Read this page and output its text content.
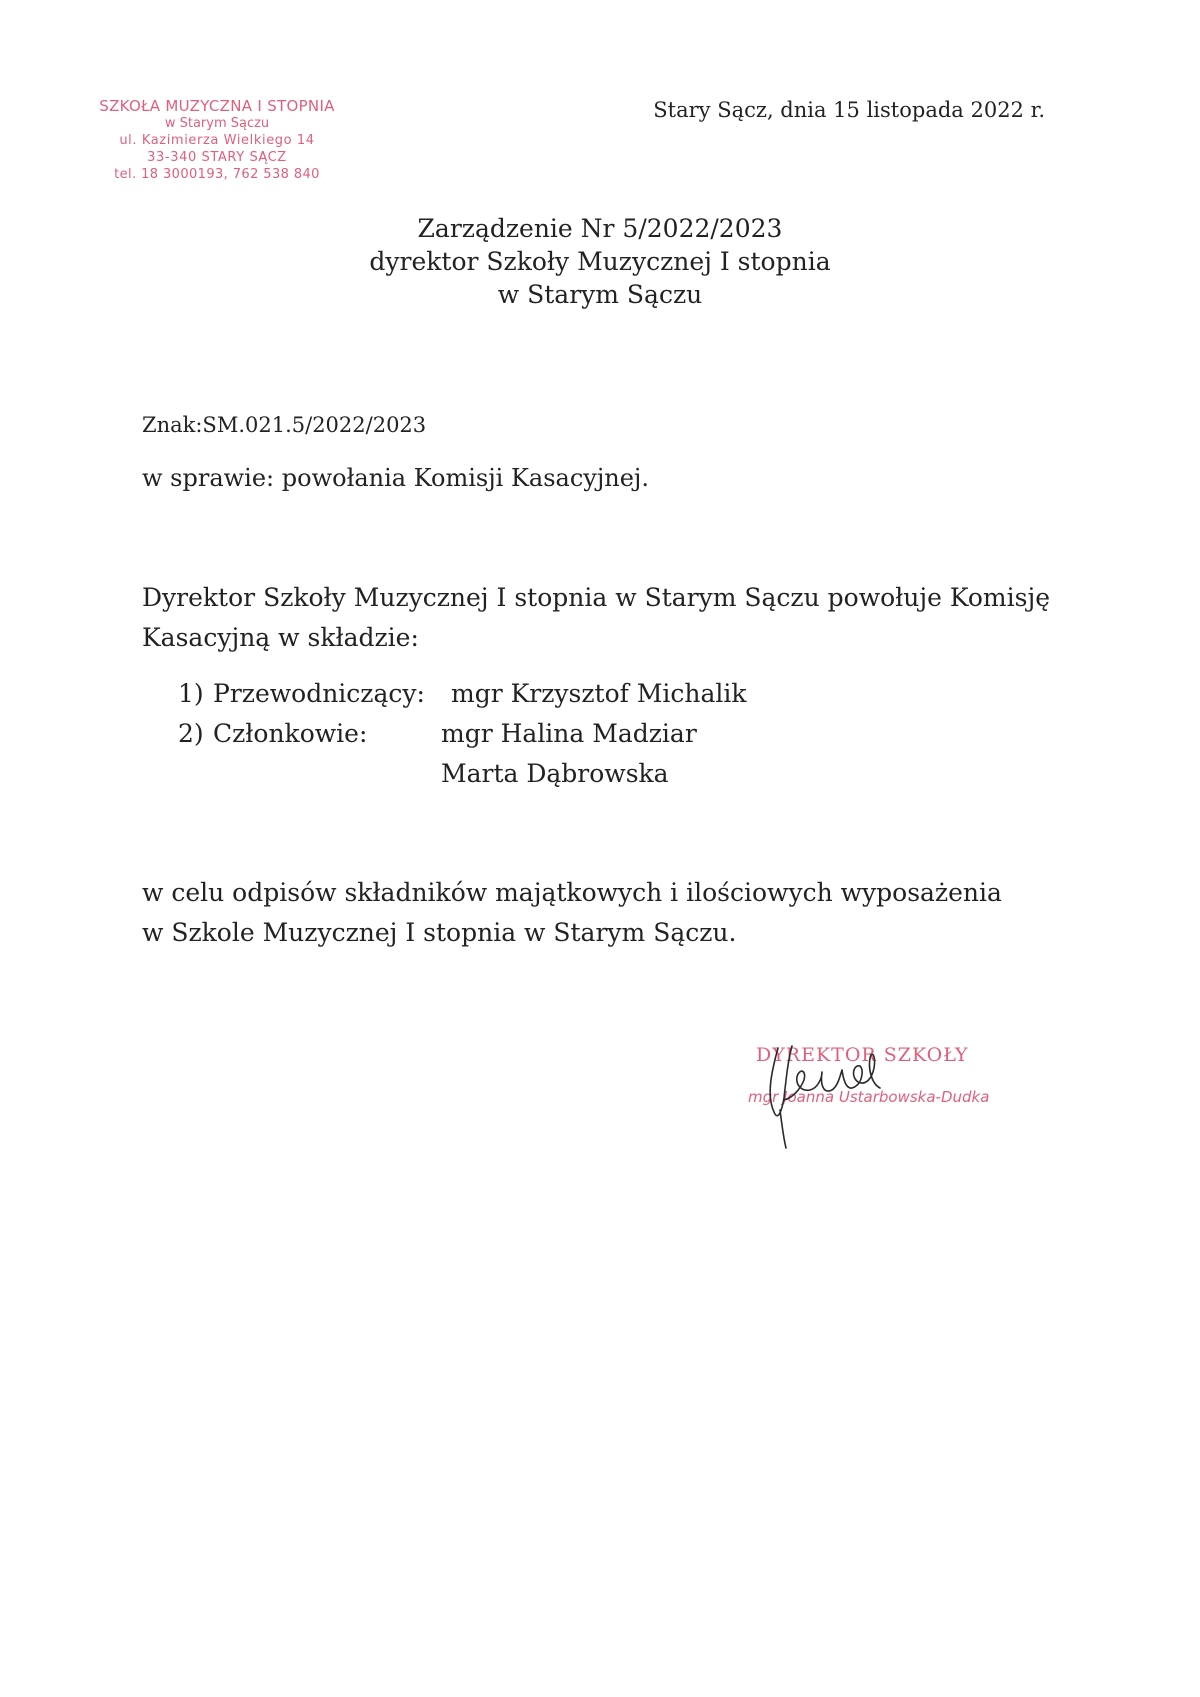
SZKOŁA MUZYCZNA I STOPNIA
w Starym Sączu
ul. Kazimierza Wielkiego 14
33-340 STARY SĄCZ
tel. 18 3000193, 762 538 840
Stary Sącz, dnia 15 listopada 2022 r.
Zarządzenie Nr 5/2022/2023
dyrektor Szkoły Muzycznej I stopnia
w Starym Sączu
Znak:SM.021.5/2022/2023
w sprawie: powołania Komisji Kasacyjnej.
Dyrektor Szkoły Muzycznej I stopnia w Starym Sączu powołuje Komisję Kasacyjną w składzie:
1) Przewodniczący:	mgr Krzysztof Michalik
2) Członkowie:	mgr Halina Madziar
Marta Dąbrowska
w celu odpisów składników majątkowych i ilościowych wyposażenia
w Szkole Muzycznej I stopnia w Starym Sączu.
DYREKTOR SZKOŁY
mgr Joanna Ustarbowska-Dudka
